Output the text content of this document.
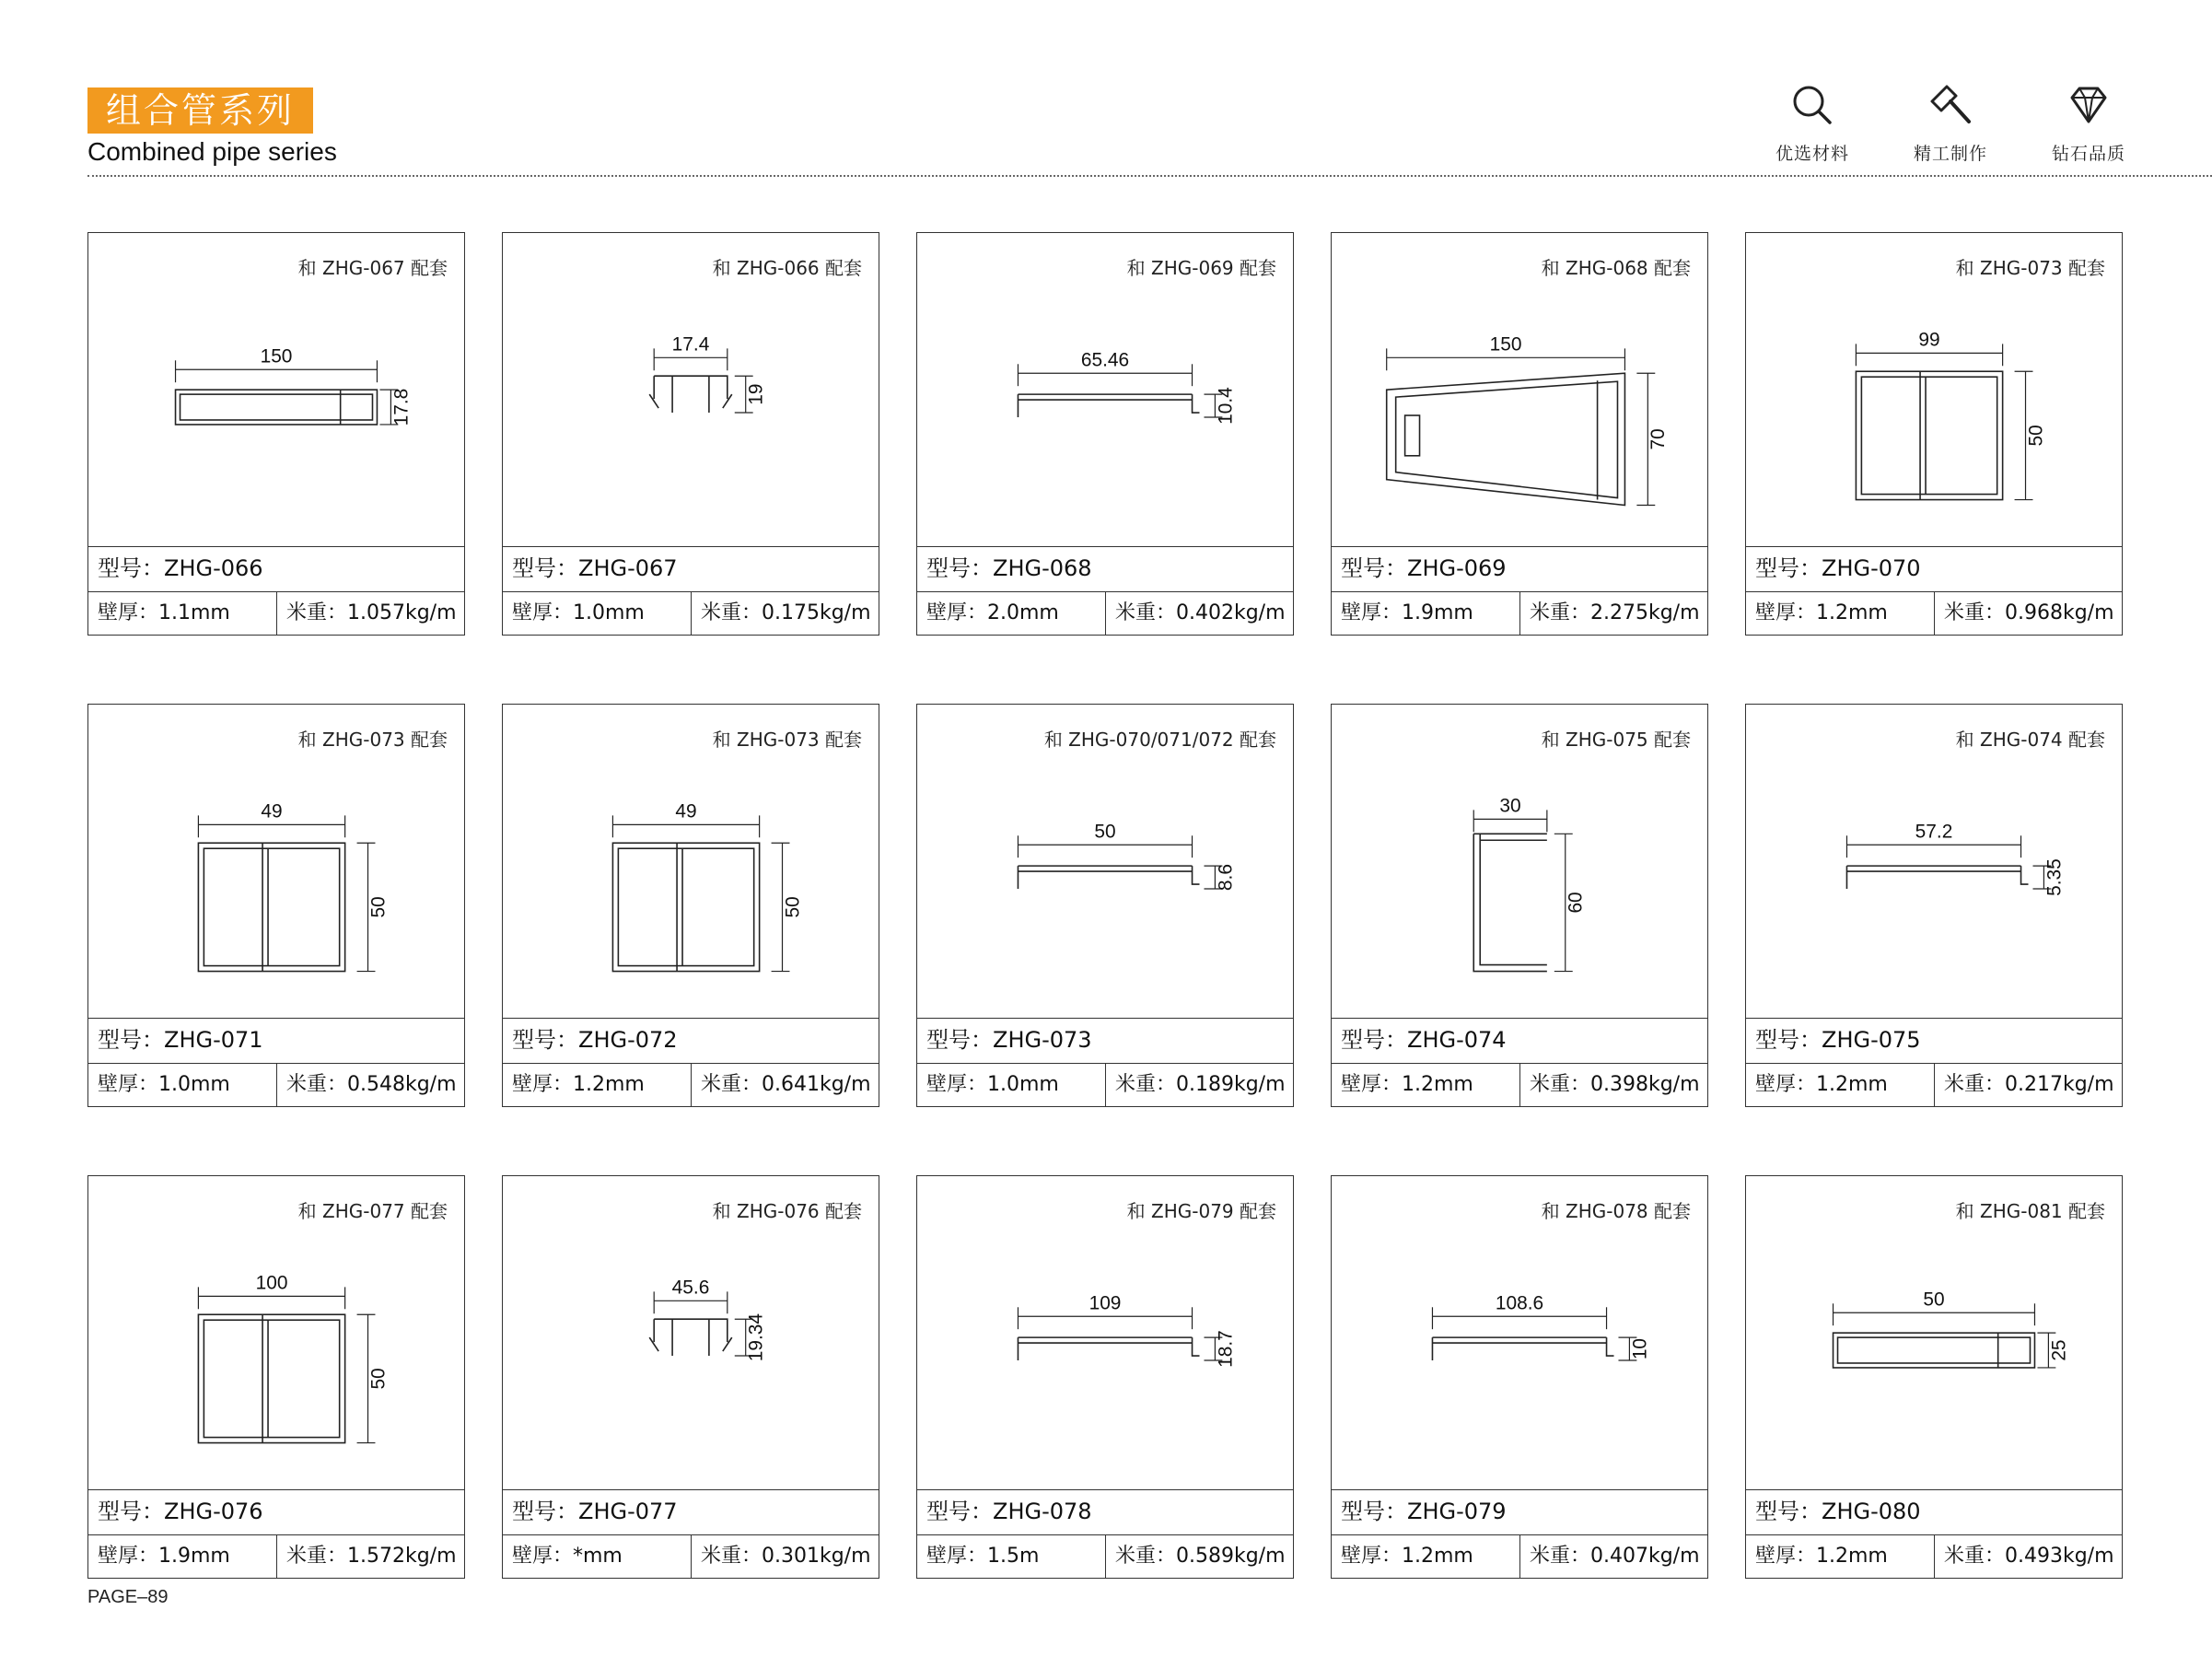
组合管系列
Combined pipe series	优选材料	精工制作	钻石品质
和 ZHG-067 配套
150
17.8
型号：ZHG-066
壁厚：1.1mm	米重：1.057kg/m
和 ZHG-066 配套
17.4
19
型号：ZHG-067
壁厚：1.0mm	米重：0.175kg/m
和 ZHG-069 配套
65.46
10.4
型号：ZHG-068
壁厚：2.0mm	米重：0.402kg/m
和 ZHG-068 配套
150
70
型号：ZHG-069
壁厚：1.9mm	米重：2.275kg/m
和 ZHG-073 配套
99
50
型号：ZHG-070
壁厚：1.2mm	米重：0.968kg/m
和 ZHG-073 配套
49
50
型号：ZHG-071
壁厚：1.0mm	米重：0.548kg/m
和 ZHG-073 配套
49
50
型号：ZHG-072
壁厚：1.2mm	米重：0.641kg/m
和 ZHG-070/071/072 配套
50
8.6
型号：ZHG-073
壁厚：1.0mm	米重：0.189kg/m
和 ZHG-075 配套
30
60
型号：ZHG-074
壁厚：1.2mm	米重：0.398kg/m
和 ZHG-074 配套
57.2
5.35
型号：ZHG-075
壁厚：1.2mm	米重：0.217kg/m
和 ZHG-077 配套
100
50
型号：ZHG-076
壁厚：1.9mm	米重：1.572kg/m
和 ZHG-076 配套
45.6
19.34
型号：ZHG-077
壁厚：*mm	米重：0.301kg/m
和 ZHG-079 配套
109
18.7
型号：ZHG-078
壁厚：1.5m	米重：0.589kg/m
和 ZHG-078 配套
108.6
10
型号：ZHG-079
壁厚：1.2mm	米重：0.407kg/m
和 ZHG-081 配套
50
25
型号：ZHG-080
壁厚：1.2mm	米重：0.493kg/m
PAGE–89
